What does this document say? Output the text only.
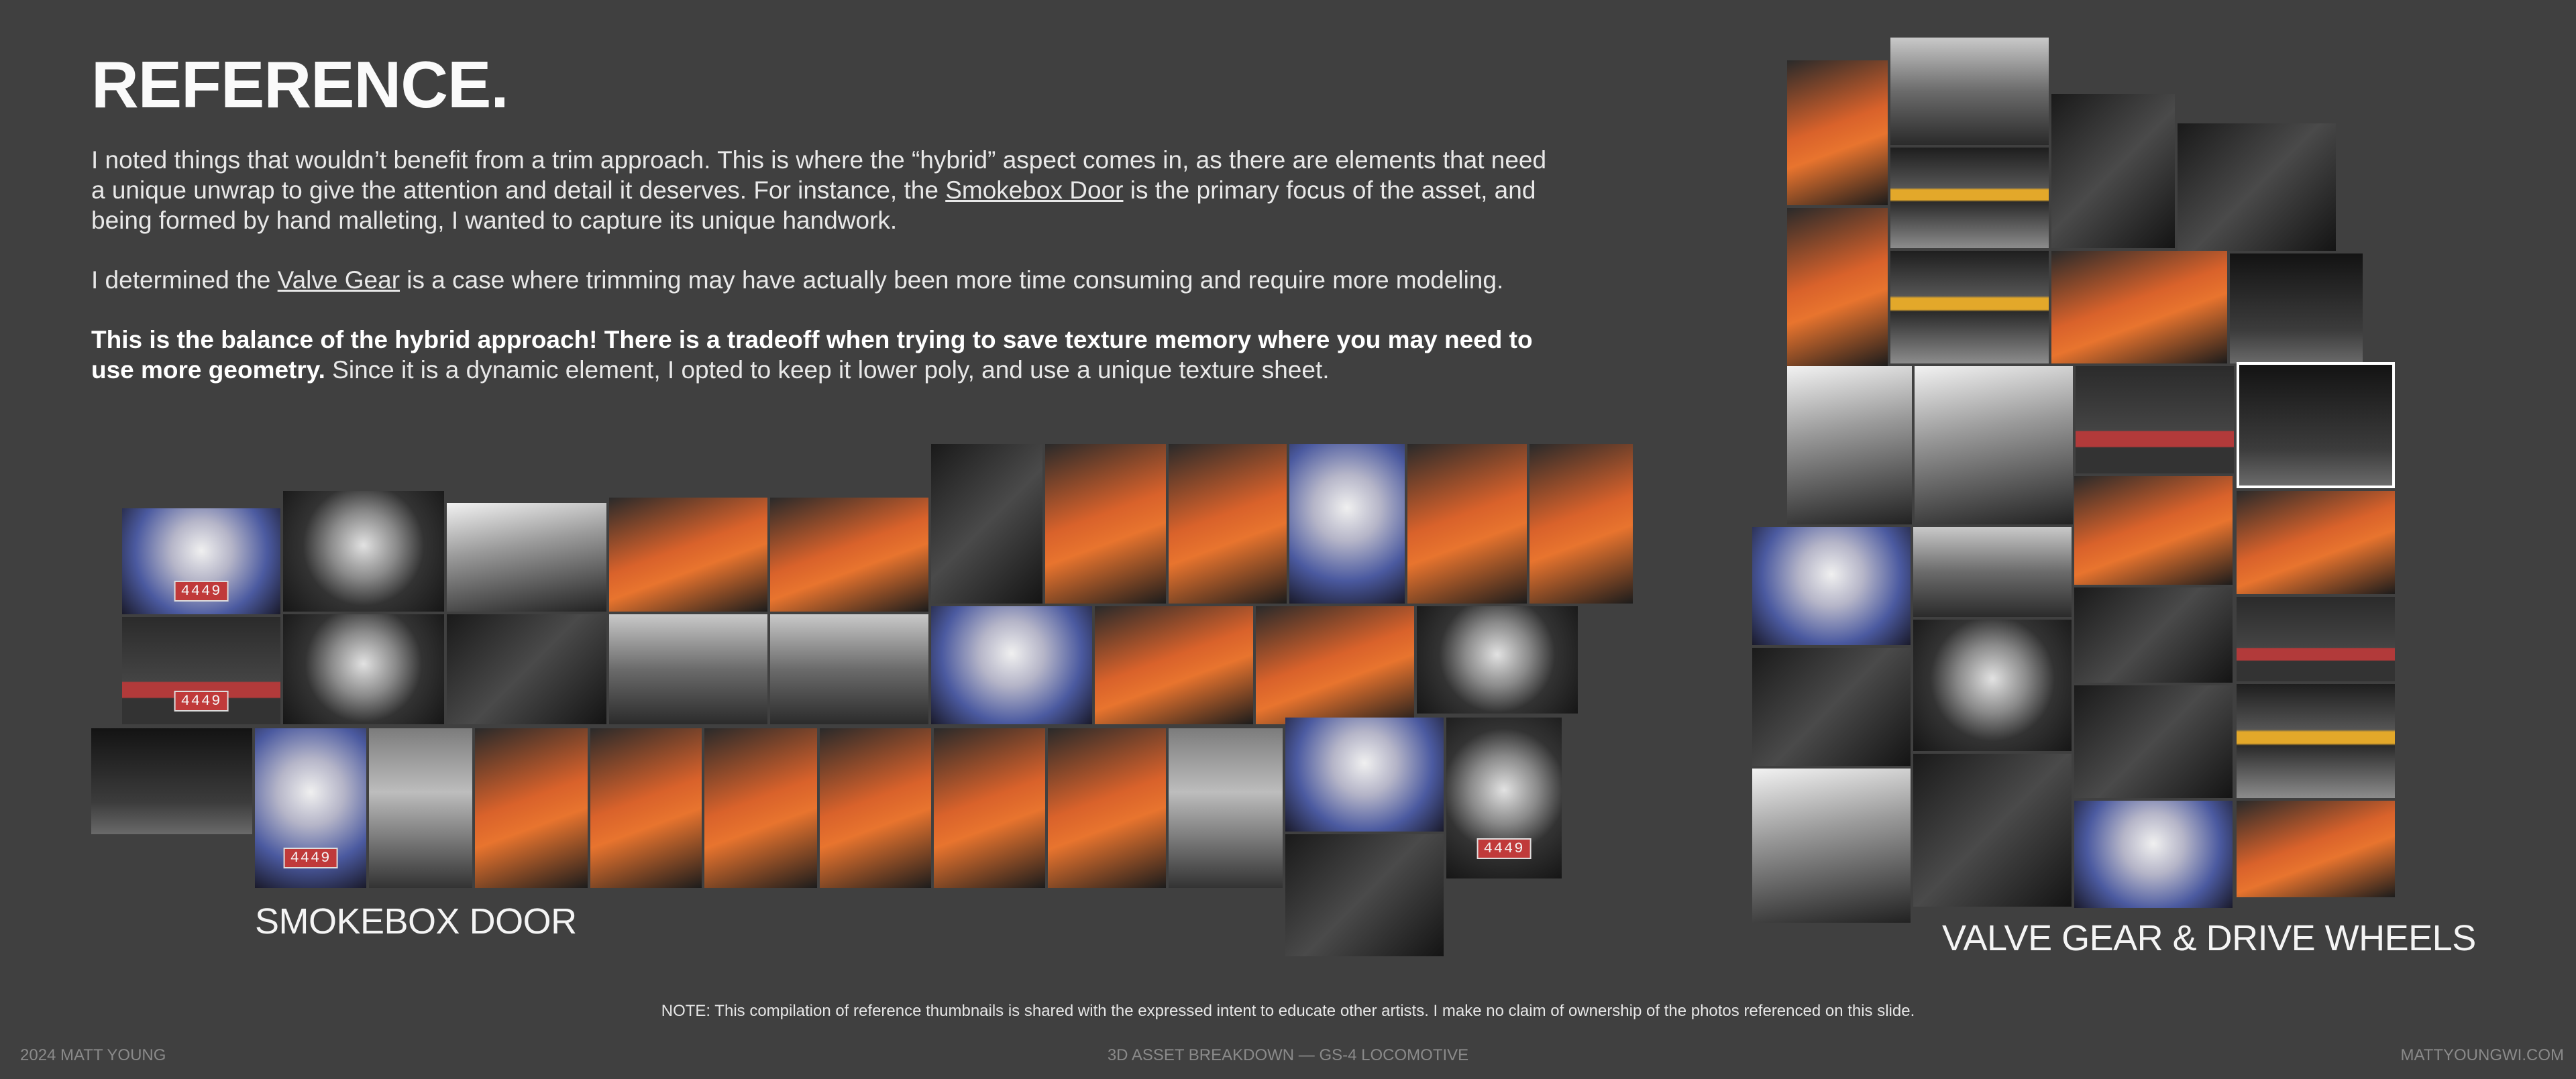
REFERENCE.

I noted things that wouldn’t benefit from a trim approach. This is where the “hybrid” aspect comes in, as there are elements that need a unique unwrap to give the attention and detail it deserves. For instance, the Smokebox Door is the primary focus of the asset, and being formed by hand malleting, I wanted to capture its unique handwork.

I determined the Valve Gear is a case where trimming may have actually been more time consuming and require more modeling.

This is the balance of the hybrid approach! There is a tradeoff when trying to save texture memory where you may need to use more geometry. Since it is a dynamic element, I opted to keep it lower poly, and use a unique texture sheet.

4449
4449
4449
4449
SMOKEBOX DOOR	VALVE GEAR & DRIVE WHEELS
NOTE: This compilation of reference thumbnails is shared with the expressed intent to educate other artists. I make no claim of ownership of the photos referenced on this slide.
2024 MATT YOUNG	3D ASSET BREAKDOWN — GS-4 LOCOMOTIVE	MATTYOUNGWI.COM
